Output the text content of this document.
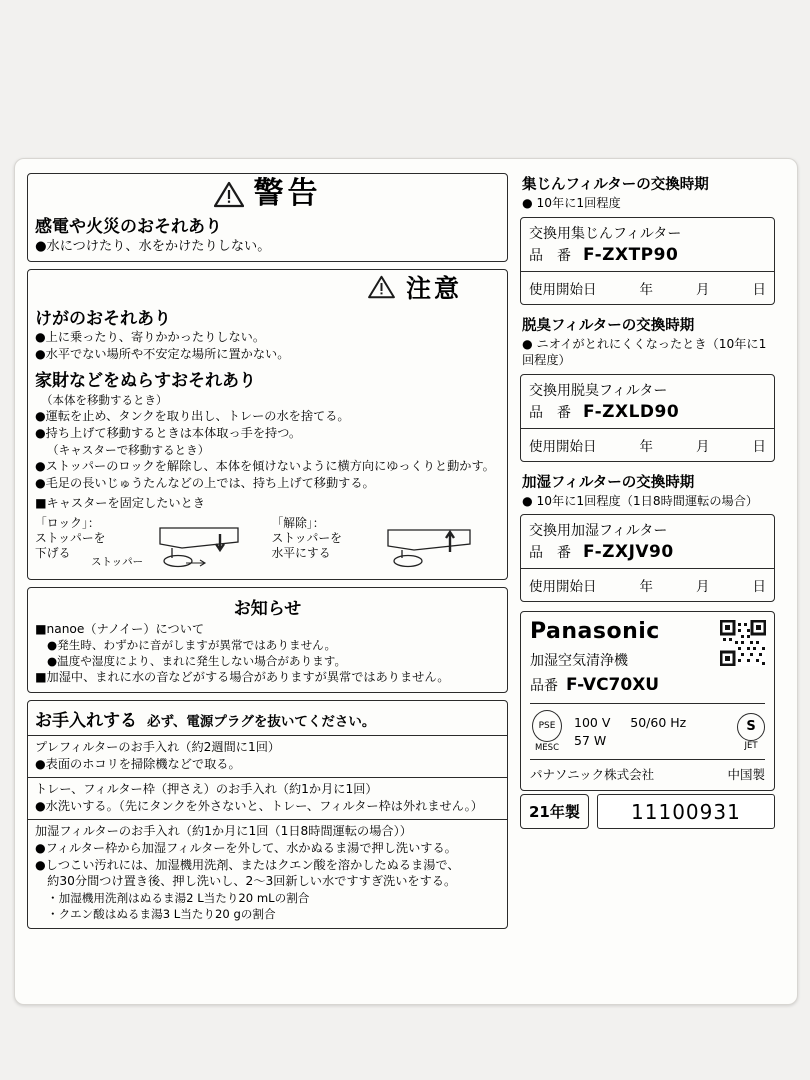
警告
感電や火災のおそれあり
●水につけたり、水をかけたりしない。
注意
けがのおそれあり
●上に乗ったり、寄りかかったりしない。
●水平でない場所や不安定な場所に置かない。
家財などをぬらすおそれあり
（本体を移動するとき）
●運転を止め、タンクを取り出し、トレーの水を捨てる。
●持ち上げて移動するときは本体取っ手を持つ。
（キャスターで移動するとき）
●ストッパーのロックを解除し、本体を傾けないように横方向にゆっくりと動かす。
●毛足の長いじゅうたんなどの上では、持ち上げて移動する。
■キャスターを固定したいとき
「ロック」：
ストッパーを
下げる
ストッパー
「解除」：
ストッパーを
水平にする
お知らせ
■nanoe（ナノイー）について
●発生時、わずかに音がしますが異常ではありません。
●温度や湿度により、まれに発生しない場合があります。
■加湿中、まれに水の音などがする場合がありますが異常ではありません。
お手入れする 必ず、電源プラグを抜いてください。
プレフィルターのお手入れ（約2週間に1回）
●表面のホコリを掃除機などで取る。
トレー、フィルター枠（押さえ）のお手入れ（約1か月に1回）
●水洗いする。（先にタンクを外さないと、トレー、フィルター枠は外れません。）
加湿フィルターのお手入れ（約1か月に1回（1日8時間運転の場合））
●フィルター枠から加湿フィルターを外して、水かぬるま湯で押し洗いする。
●しつこい汚れには、加湿機用洗剤、またはクエン酸を溶かしたぬるま湯で、
　約30分間つけ置き後、押し洗いし、2～3回新しい水ですすぎ洗いをする。
・加湿機用洗剤はぬるま湯2 L当たり20 mLの割合
・クエン酸はぬるま湯3 L当たり20 gの割合
集じんフィルターの交換時期
● 10年に1回程度
交換用集じんフィルター
品　番 F-ZXTP90
使用開始日	年	月	日
脱臭フィルターの交換時期
● ニオイがとれにくくなったとき（10年に1回程度）
交換用脱臭フィルター
品　番 F-ZXLD90
使用開始日	年	月	日
加湿フィルターの交換時期
● 10年に1回程度（1日8時間運転の場合）
交換用加湿フィルター
品　番 F-ZXJV90
使用開始日	年	月	日
Panasonic
加湿空気清浄機
品番 F-VC70XU
PSE
MESC
100 V 50/60 Hz
57 W
S
JET
パナソニック株式会社	中国製
21年製	11100931
